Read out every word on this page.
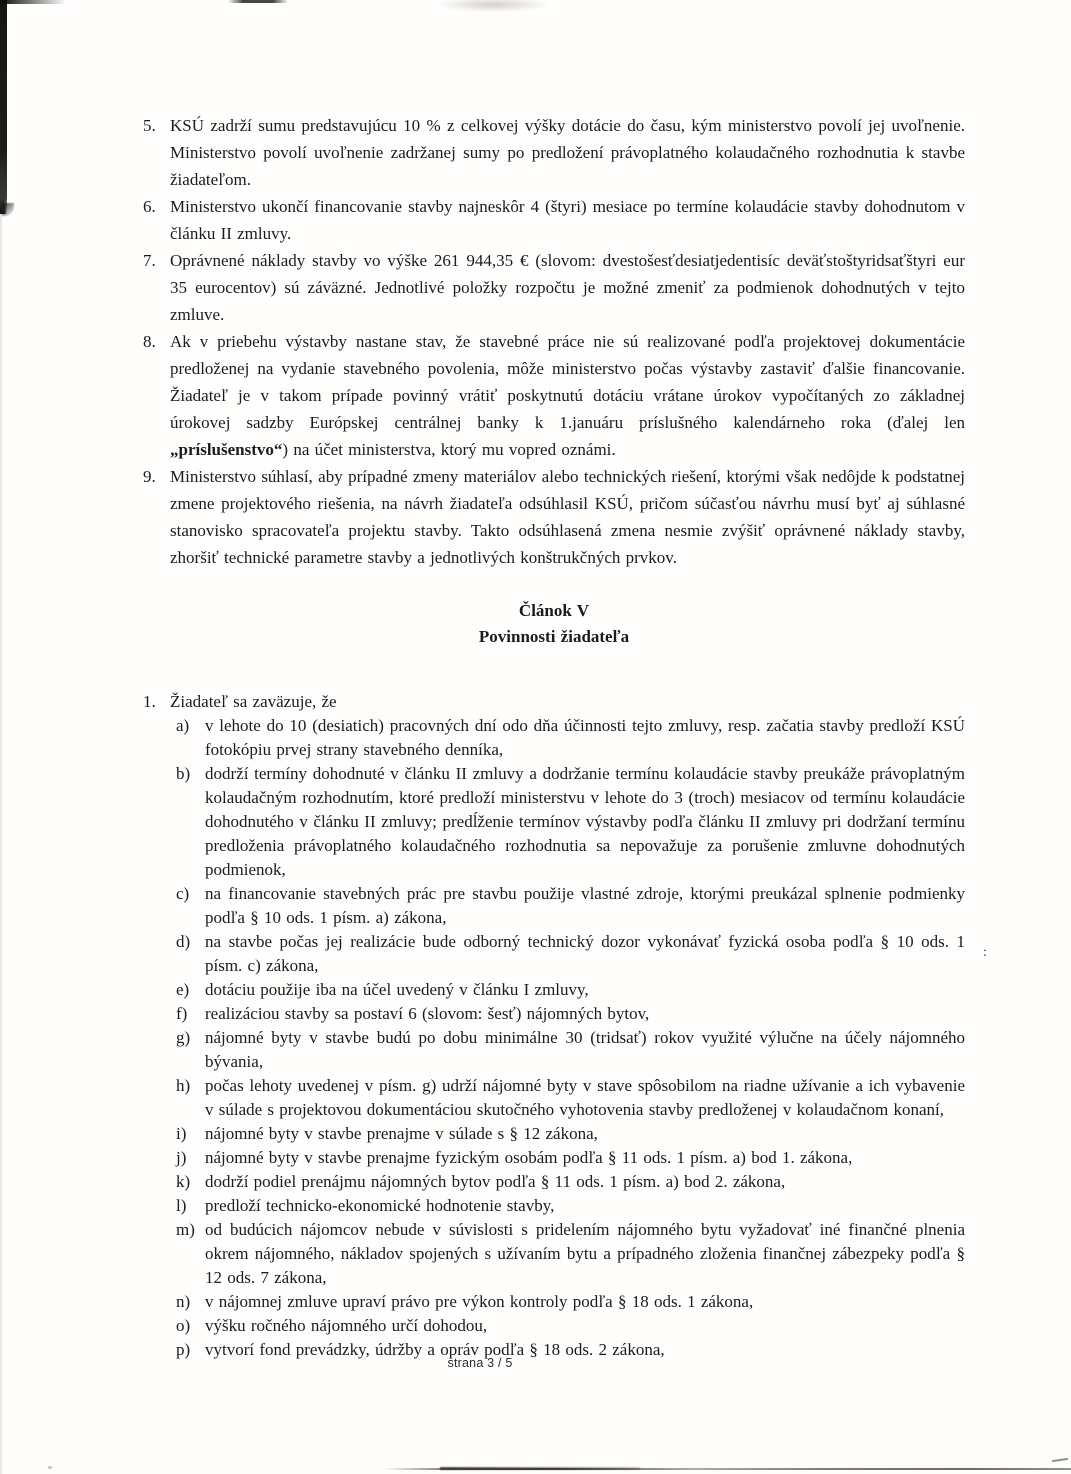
:
5. KSÚ zadrží sumu predstavujúcu 10 % z celkovej výšky dotácie do času, kým ministerstvo povolí jej uvoľnenie. Ministerstvo povolí uvoľnenie zadržanej sumy po predložení právoplatného kolaudačného rozhodnutia k stavbe žiadateľom.
6. Ministerstvo ukončí financovanie stavby najneskôr 4 (štyri) mesiace po termíne kolaudácie stavby dohodnutom v článku II zmluvy.
7. Oprávnené náklady stavby vo výške 261 944,35 € (slovom: dvestošesťdesiatjedentisíc deväťstoštyridsaťštyri eur 35 eurocentov) sú záväzné. Jednotlivé položky rozpočtu je možné zmeniť za podmienok dohodnutých v tejto zmluve.
8. Ak v priebehu výstavby nastane stav, že stavebné práce nie sú realizované podľa projektovej dokumentácie predloženej na vydanie stavebného povolenia, môže ministerstvo počas výstavby zastaviť ďalšie financovanie. Žiadateľ je v takom prípade povinný vrátiť poskytnutú dotáciu vrátane úrokov vypočítaných zo základnej úrokovej sadzby Európskej centrálnej banky k 1.januáru príslušného kalendárneho roka (ďalej len „príslušenstvo“) na účet ministerstva, ktorý mu vopred oznámi.
9. Ministerstvo súhlasí, aby prípadné zmeny materiálov alebo technických riešení, ktorými však nedôjde k podstatnej zmene projektového riešenia, na návrh žiadateľa odsúhlasil KSÚ, pričom súčasťou návrhu musí byť aj súhlasné stanovisko spracovateľa projektu stavby. Takto odsúhlasená zmena nesmie zvýšiť oprávnené náklady stavby, zhoršiť technické parametre stavby a jednotlivých konštrukčných prvkov.
Článok V
Povinnosti žiadateľa
1. Žiadateľ sa zaväzuje, že
a) v lehote do 10 (desiatich) pracovných dní odo dňa účinnosti tejto zmluvy, resp. začatia stavby predloží KSÚ fotokópiu prvej strany stavebného denníka,
b) dodrží termíny dohodnuté v článku II zmluvy a dodržanie termínu kolaudácie stavby preukáže právoplatným kolaudačným rozhodnutím, ktoré predloží ministerstvu v lehote do 3 (troch) mesiacov od termínu kolaudácie dohodnutého v článku II zmluvy; predĺženie termínov výstavby podľa článku II zmluvy pri dodržaní termínu predloženia právoplatného kolaudačného rozhodnutia sa nepovažuje za porušenie zmluvne dohodnutých podmienok,
c) na financovanie stavebných prác pre stavbu použije vlastné zdroje, ktorými preukázal splnenie podmienky podľa § 10 ods. 1 písm. a) zákona,
d) na stavbe počas jej realizácie bude odborný technický dozor vykonávať fyzická osoba podľa § 10 ods. 1 písm. c) zákona,
e) dotáciu použije iba na účel uvedený v článku I zmluvy,
f)	realizáciou stavby sa postaví 6 (slovom: šesť) nájomných bytov,
g) nájomné byty v stavbe budú po dobu minimálne 30 (tridsať) rokov využité výlučne na účely nájomného bývania,
h) počas lehoty uvedenej v písm. g) udrží nájomné byty v stave spôsobilom na riadne užívanie a ich vybavenie v súlade s projektovou dokumentáciou skutočného vyhotovenia stavby predloženej v kolaudačnom konaní,
i)	nájomné byty v stavbe prenajme v súlade s § 12 zákona,
j)	nájomné byty v stavbe prenajme fyzickým osobám podľa § 11 ods. 1 písm. a) bod 1. zákona,
k) dodrží podiel prenájmu nájomných bytov podľa § 11 ods. 1 písm. a) bod 2. zákona,
l)	predloží technicko-ekonomické hodnotenie stavby,
m) od budúcich nájomcov nebude v súvislosti s pridelením nájomného bytu vyžadovať iné finančné plnenia okrem nájomného, nákladov spojených s užívaním bytu a prípadného zloženia finančnej zábezpeky podľa § 12 ods. 7 zákona,
n) v nájomnej zmluve upraví právo pre výkon kontroly podľa § 18 ods. 1 zákona,
o) výšku ročného nájomného určí dohodou,
p) vytvorí fond prevádzky, údržby a opráv podľa § 18 ods. 2 zákona,
strana 3 / 5
